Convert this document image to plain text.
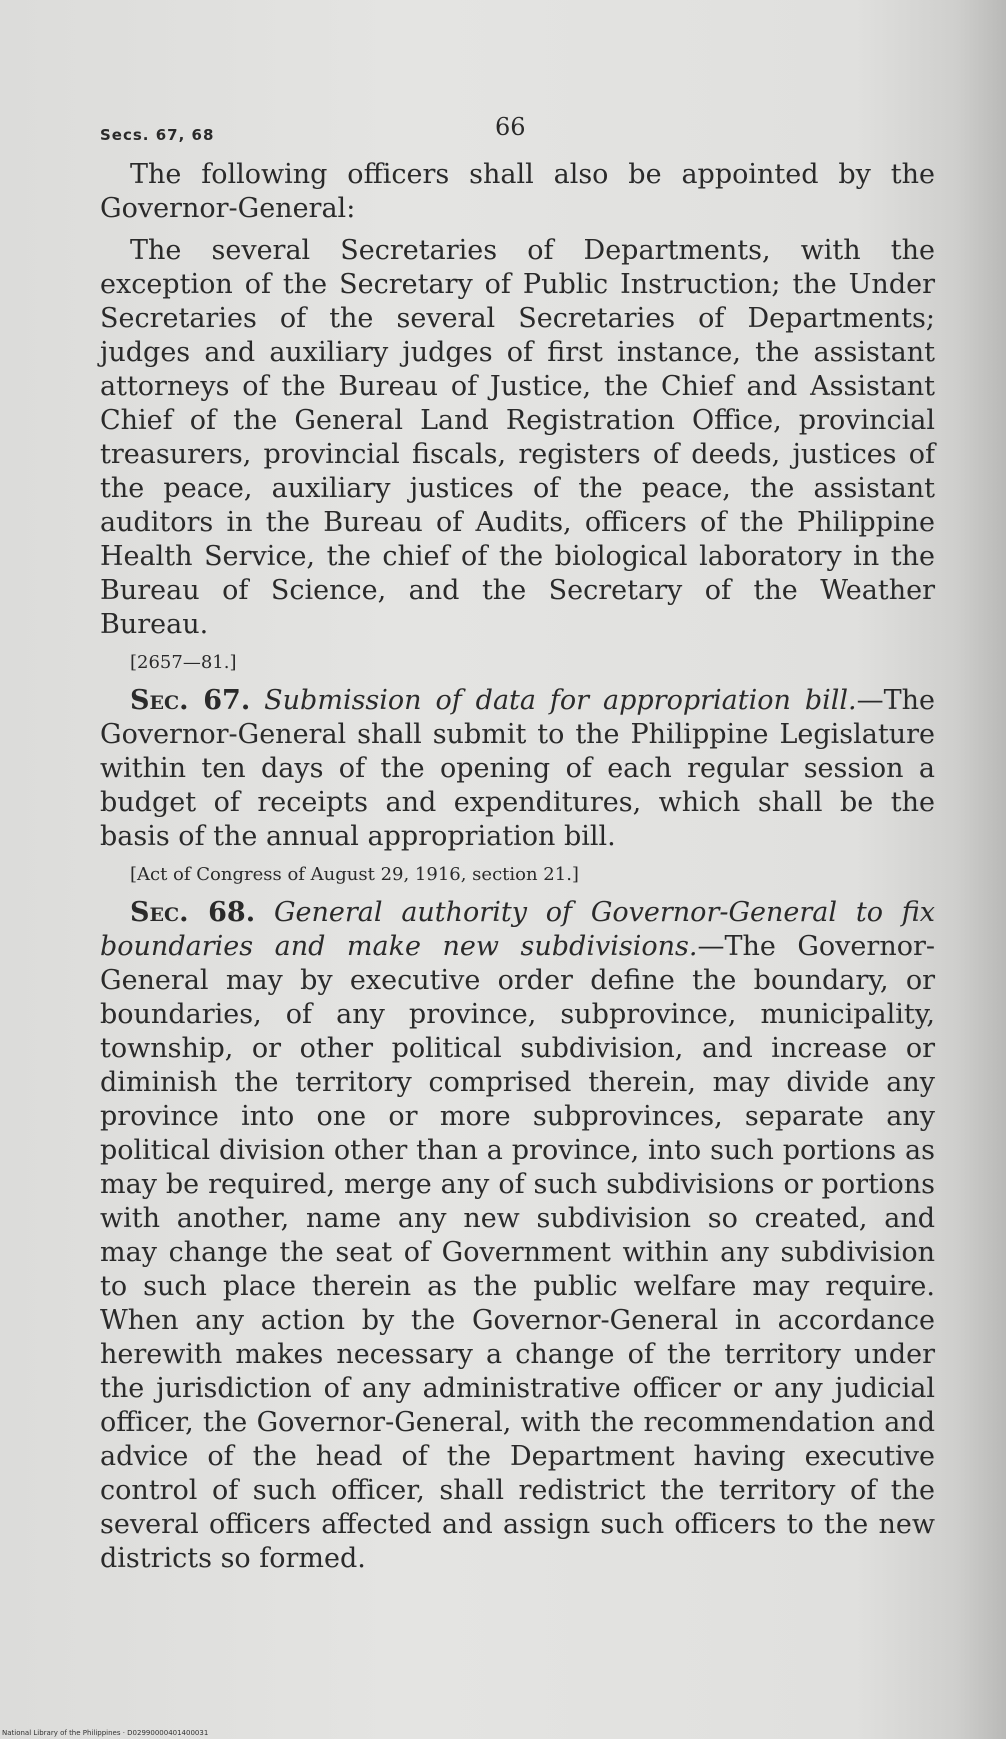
Secs. 67, 68	66

The following officers shall also be appointed by the Governor-General:

The several Secretaries of Departments, with the exception of the Secretary of Public Instruction; the Under Secretaries of the several Secretaries of Departments; judges and auxiliary judges of first instance, the assistant attorneys of the Bureau of Justice, the Chief and Assistant Chief of the General Land Registration Office, provincial treasurers, provincial fiscals, registers of deeds, justices of the peace, auxiliary justices of the peace, the assistant auditors in the Bureau of Audits, officers of the Philippine Health Service, the chief of the biological laboratory in the Bureau of Science, and the Secretary of the Weather Bureau.

[2657—81.]

Sec. 67. Submission of data for appropriation bill.—The Governor-General shall submit to the Philippine Legislature within ten days of the opening of each regular session a budget of receipts and expenditures, which shall be the basis of the annual appropriation bill.

[Act of Congress of August 29, 1916, section 21.]

Sec. 68. General authority of Governor-General to fix boundaries and make new subdivisions.—The Governor-General may by executive order define the boundary, or boundaries, of any province, subprovince, municipality, township, or other political subdivision, and increase or diminish the territory comprised therein, may divide any province into one or more subprovinces, separate any political division other than a province, into such portions as may be required, merge any of such subdivisions or portions with another, name any new subdivision so created, and may change the seat of Government within any subdivision to such place therein as the public welfare may require. When any action by the Governor-General in accordance herewith makes necessary a change of the territory under the jurisdiction of any administrative officer or any judicial officer, the Governor-General, with the recommendation and advice of the head of the Department having executive control of such officer, shall redistrict the territory of the several officers affected and assign such officers to the new districts so formed.

National Library of the Philippines · D02990000401400031
